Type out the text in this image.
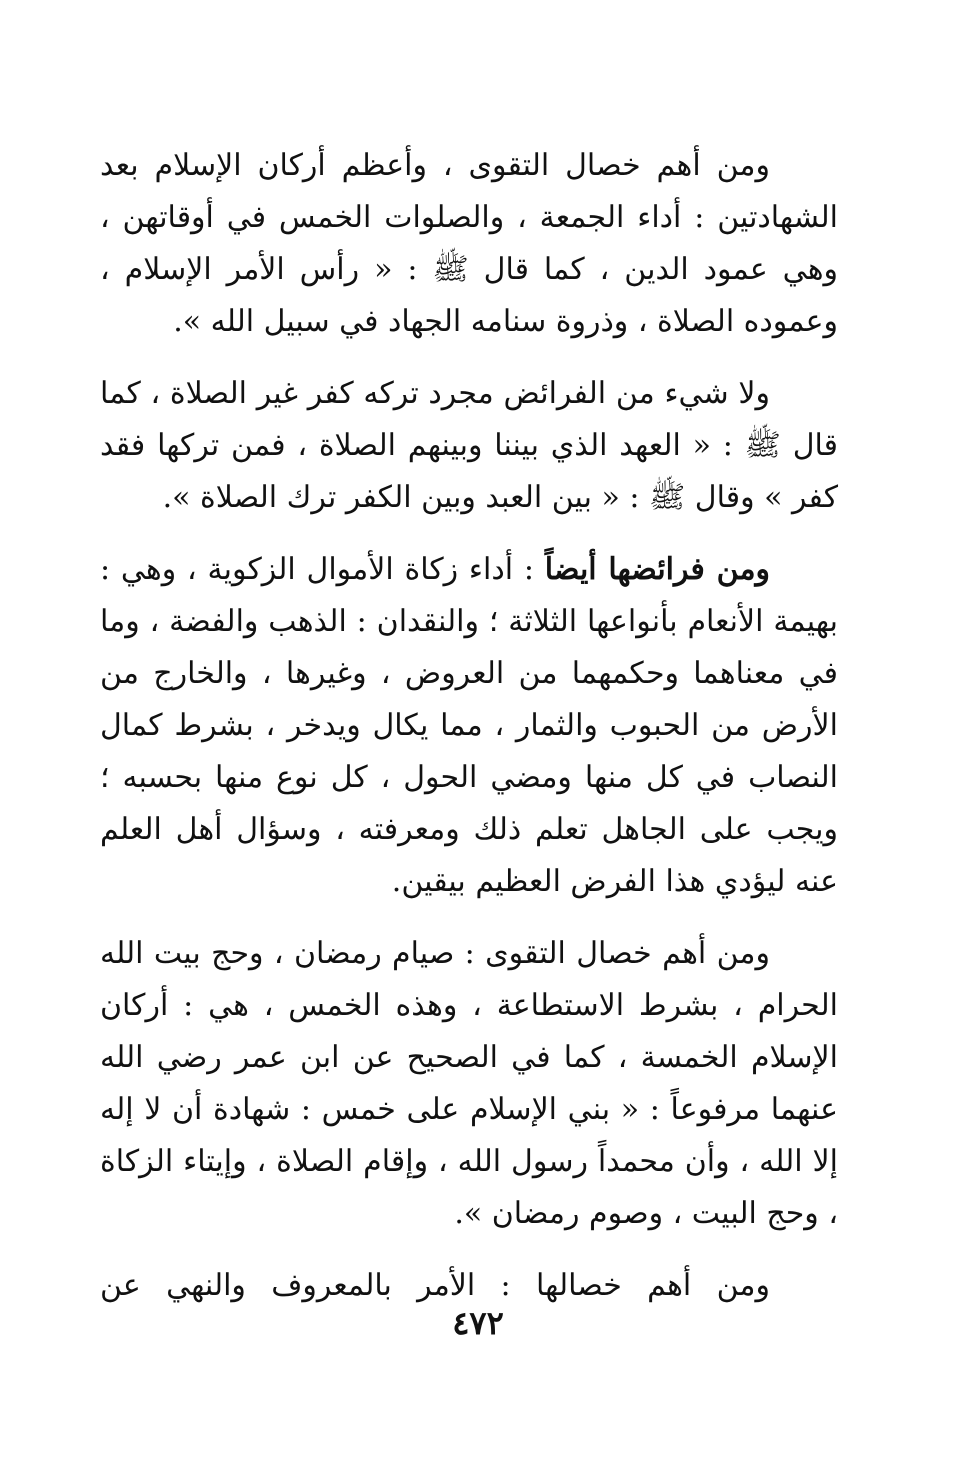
ومن أهم خصال التقوى ، وأعظم أركان الإسلام بعد الشهادتين : أداء الجمعة ، والصلوات الخمس في أوقاتهن ، وهي عمود الدين ، كما قال ﷺ : « رأس الأمر الإسلام ، وعموده الصلاة ، وذروة سنامه الجهاد في سبيل الله ».

ولا شيء من الفرائض مجرد تركه كفر غير الصلاة ، كما قال ﷺ : « العهد الذي بيننا وبينهم الصلاة ، فمن تركها فقد كفر » وقال ﷺ : « بين العبد وبين الكفر ترك الصلاة ».

ومن فرائضها أيضاً : أداء زكاة الأموال الزكوية ، وهي : بهيمة الأنعام بأنواعها الثلاثة ؛ والنقدان : الذهب والفضة ، وما في معناهما وحكمهما من العروض ، وغيرها ، والخارج من الأرض من الحبوب والثمار ، مما يكال ويدخر ، بشرط كمال النصاب في كل منها ومضي الحول ، كل نوع منها بحسبه ؛ ويجب على الجاهل تعلم ذلك ومعرفته ، وسؤال أهل العلم عنه ليؤدي هذا الفرض العظيم بيقين.

ومن أهم خصال التقوى : صيام رمضان ، وحج بيت الله الحرام ، بشرط الاستطاعة ، وهذه الخمس ، هي : أركان الإسلام الخمسة ، كما في الصحيح عن ابن عمر رضي الله عنهما مرفوعاً : « بني الإسلام على خمس : شهادة أن لا إله إلا الله ، وأن محمداً رسول الله ، وإقام الصلاة ، وإيتاء الزكاة ، وحج البيت ، وصوم رمضان ».

ومن أهم خصالها : الأمر بالمعروف والنهي عن

٤٧٢
